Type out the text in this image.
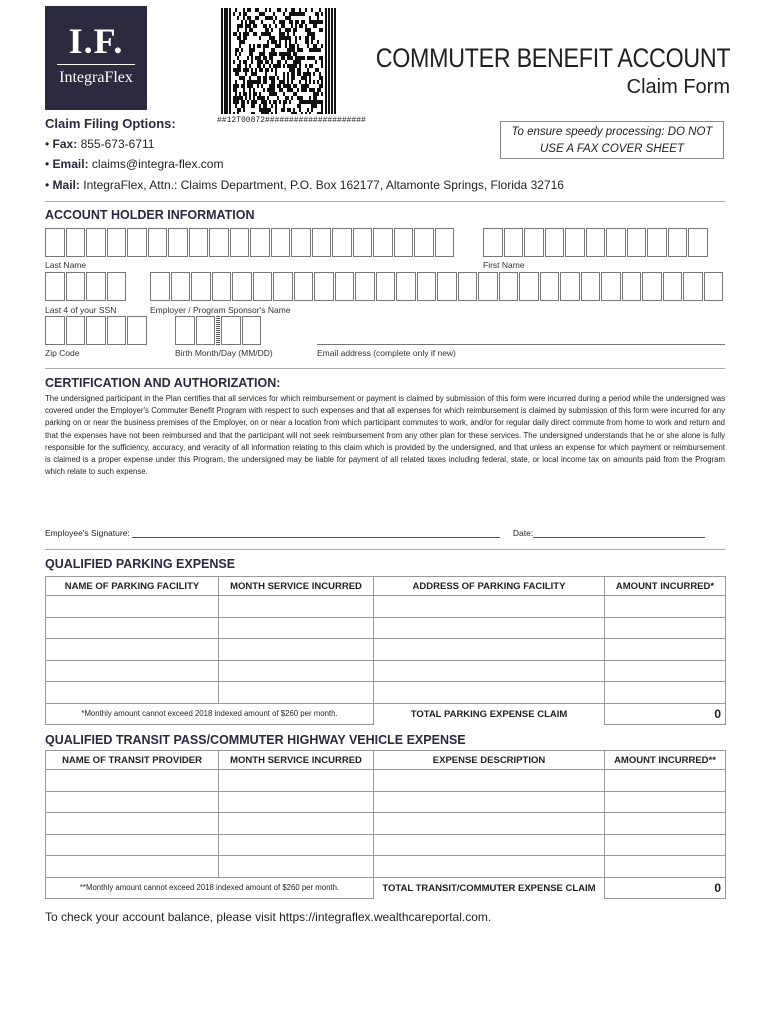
I.F.
IntegraFlex
##12T00872#####################
COMMUTER BENEFIT ACCOUNT
Claim Form
Claim Filing Options:
• Fax: 855-673-6711
• Email: claims@integra-flex.com
• Mail: IntegraFlex, Attn.: Claims Department, P.O. Box 162177, Altamonte Springs, Florida 32716
To ensure speedy processing: DO NOT USE A FAX COVER SHEET
ACCOUNT HOLDER INFORMATION
Last Name	First Name
Last 4 of your SSN	Employer / Program Sponsor's Name
Zip Code	Birth Month/Day (MM/DD)	Email address (complete only if new)
CERTIFICATION AND AUTHORIZATION:
The undersigned participant in the Plan certifies that all services for which reimbursement or payment is claimed by submission of this form were incurred during a period while the undersigned was covered under the Employer's Commuter Benefit Program with respect to such expenses and that all expenses for which reimbursement is claimed by submission of this form were incurred for any parking on or near the business premises of the Employer, on or near a location from which participant commutes to work, and/or for regular daily direct commute from home to work and return and that the expenses have not been reimbursed and that the participant will not seek reimbursement from any other plan for these services. The undersigned understands that he or she alone is fully responsible for the sufficiency, accuracy, and veracity of all information relating to this claim which is provided by the undersigned, and that unless an expense for which payment or reimbursement is claimed is a proper expense under this Program, the undersigned may be liable for payment of all related taxes including federal, state, or local income tax on amounts paid from the Program which relate to such expense.
Employee's Signature:	Date:
QUALIFIED PARKING EXPENSE
NAME OF PARKING FACILITY	MONTH SERVICE INCURRED	ADDRESS OF PARKING FACILITY	AMOUNT INCURRED*

*Monthly amount cannot exceed 2018 indexed amount of $260 per month.		TOTAL PARKING EXPENSE CLAIM	0
QUALIFIED TRANSIT PASS/COMMUTER HIGHWAY VEHICLE EXPENSE
NAME OF TRANSIT PROVIDER	MONTH SERVICE INCURRED	EXPENSE DESCRIPTION	AMOUNT INCURRED**

**Monthly amount cannot exceed 2018 indexed amount of $260 per month.		TOTAL TRANSIT/COMMUTER EXPENSE CLAIM	0
To check your account balance, please visit https://integraflex.wealthcareportal.com.
